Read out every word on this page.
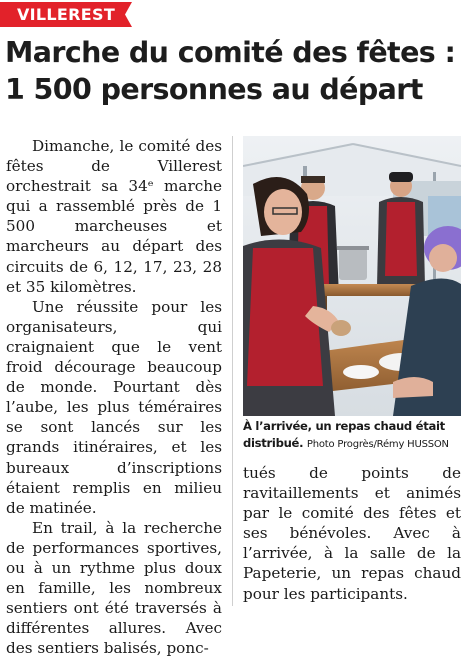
VILLEREST
Marche du comité des fêtes :
1 500 personnes au départ

Dimanche, le comité des fêtes de Villerest orchestrait sa 34ᵉ marche qui a rassemblé près de 1 500 marcheuses et marcheurs au départ des circuits de 6, 12, 17, 23, 28 et 35 kilomètres.

Une réussite pour les organisateurs, qui craignaient que le vent froid décourage beaucoup de monde. Pourtant dès l’aube, les plus téméraires se sont lancés sur les grands itinéraires, et les bureaux d’inscriptions étaient remplis en milieu de matinée.

En trail, à la recherche de performances sportives, ou à un rythme plus doux en famille, les nombreux sentiers ont été traversés à différentes allures. Avec des sentiers balisés, ponc-

À l’arrivée, un repas chaud était distribué. Photo Progrès/Rémy HUSSON

tués de points de ravitaillements et animés par le comité des fêtes et ses bénévoles. Avec à l’arrivée, à la salle de la Papeterie, un repas chaud pour les participants.
